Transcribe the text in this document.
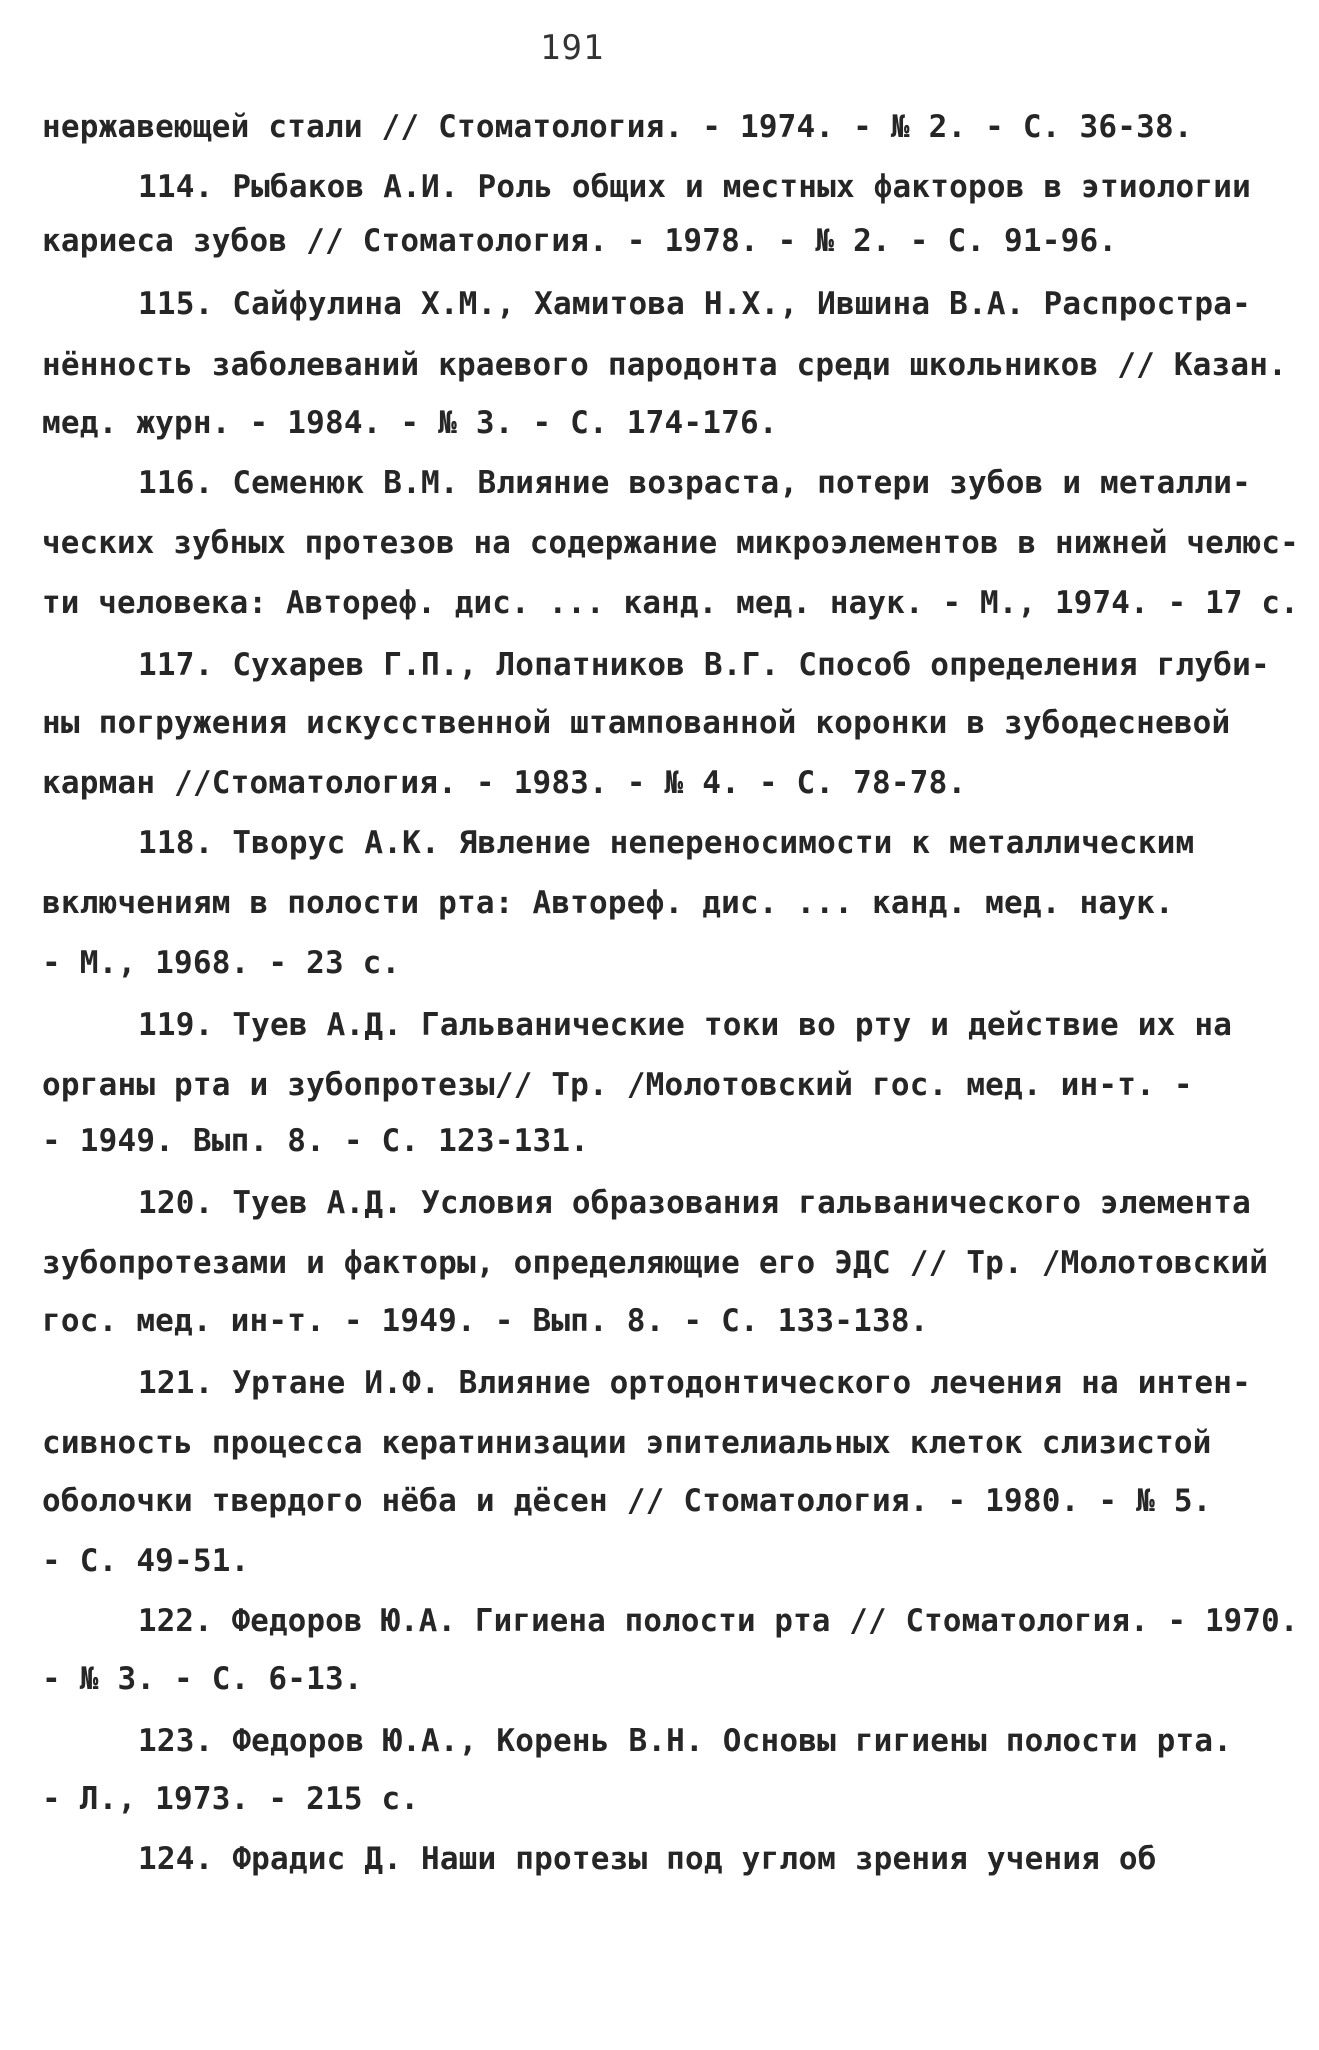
191
нержавеющей стали // Стоматология. - 1974. - № 2. - С. 36-38.
114. Рыбаков А.И. Роль общих и местных факторов в этиологии
кариеса зубов // Стоматология. - 1978. - № 2. - С. 91-96.
115. Сайфулина Х.М., Хамитова Н.Х., Ившина В.А. Распростра-
нённость заболеваний краевого пародонта среди школьников // Казан.
мед. журн. - 1984. - № 3. - С. 174-176.
116. Семенюк В.М. Влияние возраста, потери зубов и металли-
ческих зубных протезов на содержание микроэлементов в нижней челюс-
ти человека: Автореф. дис. ... канд. мед. наук. - М., 1974. - 17 с.
117. Сухарев Г.П., Лопатников В.Г. Способ определения глуби-
ны погружения искусственной штампованной коронки в зубодесневой
карман //Стоматология. - 1983. - № 4. - С. 78-78.
118. Творус А.К. Явление непереносимости к металлическим
включениям в полости рта: Автореф. дис. ... канд. мед. наук.
- М., 1968. - 23 с.
119. Туев А.Д. Гальванические токи во рту и действие их на
органы рта и зубопротезы// Тр. /Молотовский гос. мед. ин-т. -
- 1949. Вып. 8. - С. 123-131.
120. Туев А.Д. Условия образования гальванического элемента
зубопротезами и факторы, определяющие его ЭДС // Тр. /Молотовский
гос. мед. ин-т. - 1949. - Вып. 8. - С. 133-138.
121. Уртане И.Ф. Влияние ортодонтического лечения на интен-
сивность процесса кератинизации эпителиальных клеток слизистой
оболочки твердого нёба и дёсен // Стоматология. - 1980. - № 5.
- С. 49-51.
122. Федоров Ю.А. Гигиена полости рта // Стоматология. - 1970.
- № 3. - С. 6-13.
123. Федоров Ю.А., Корень В.Н. Основы гигиены полости рта.
- Л., 1973. - 215 с.
124. Фрадис Д. Наши протезы под углом зрения учения об
